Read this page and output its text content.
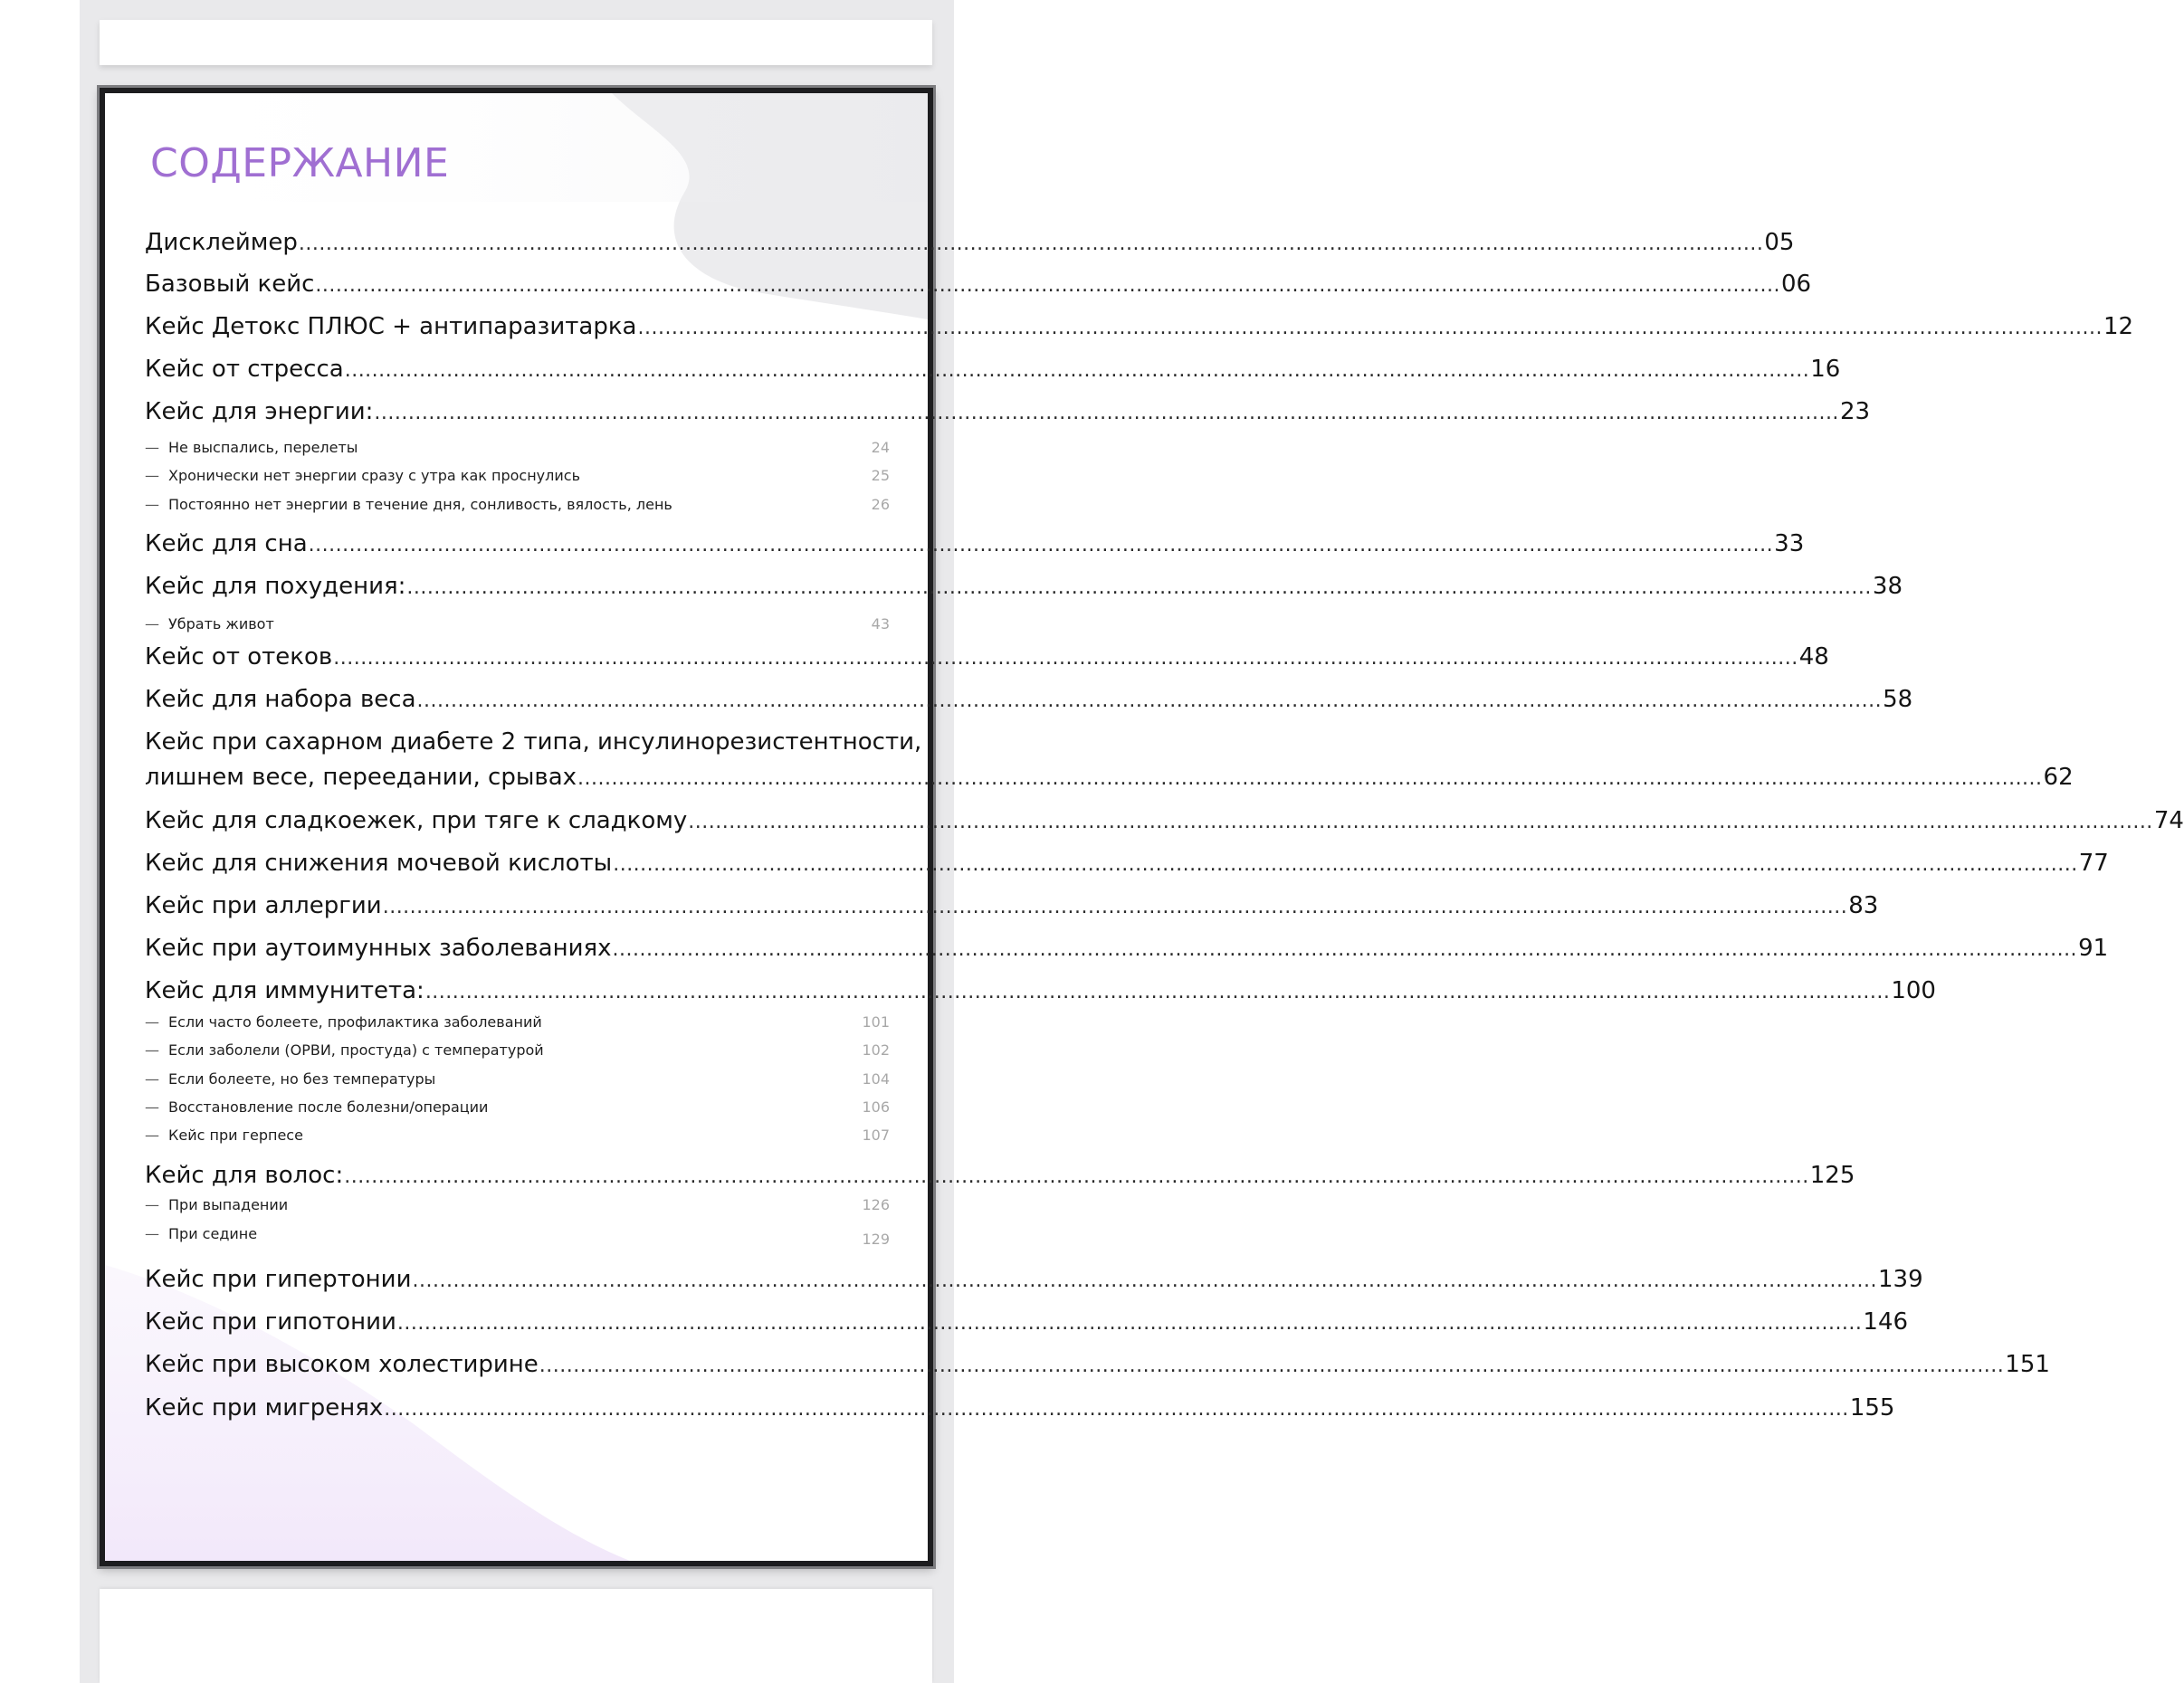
СОДЕРЖАНИЕ
Дисклеймер ........................................................................................................................................................................................................................ 05
Базовый кейс ........................................................................................................................................................................................................................ 06
Кейс Детокс ПЛЮС + антипаразитарка ........................................................................................................................................................................................................................ 12
Кейс от стресса ........................................................................................................................................................................................................................ 16
Кейс для энергии: ........................................................................................................................................................................................................................ 23
— Не выспались, перелеты	24
— Хронически нет энергии сразу с утра как проснулись	25
— Постоянно нет энергии в течение дня, сонливость, вялость, лень	26
Кейс для сна ........................................................................................................................................................................................................................ 33
Кейс для похудения: ........................................................................................................................................................................................................................ 38
— Убрать живот	43
Кейс от отеков ........................................................................................................................................................................................................................ 48
Кейс для набора веса ........................................................................................................................................................................................................................ 58
Кейс при сахарном диабете 2 типа, инсулинорезистентности,
лишнем весе, переедании, срывах ........................................................................................................................................................................................................................ 62
Кейс для сладкоежек, при тяге к сладкому ........................................................................................................................................................................................................................ 74
Кейс для снижения мочевой кислоты ........................................................................................................................................................................................................................ 77
Кейс при аллергии ........................................................................................................................................................................................................................ 83
Кейс при аутоимунных заболеваниях ........................................................................................................................................................................................................................ 91
Кейс для иммунитета: ........................................................................................................................................................................................................................ 100
— Если часто болеете, профилактика заболеваний	101
— Если заболели (ОРВИ, простуда) с температурой	102
— Если болеете, но без температуры	104
— Восстановление после болезни/операции	106
— Кейс при герпесе	107
Кейс для волос: ........................................................................................................................................................................................................................ 125
— При выпадении	126
— При седине	129
Кейс при гипертонии ........................................................................................................................................................................................................................ 139
Кейс при гипотонии ........................................................................................................................................................................................................................ 146
Кейс при высоком холестирине ........................................................................................................................................................................................................................ 151
Кейс при мигренях ........................................................................................................................................................................................................................ 155
